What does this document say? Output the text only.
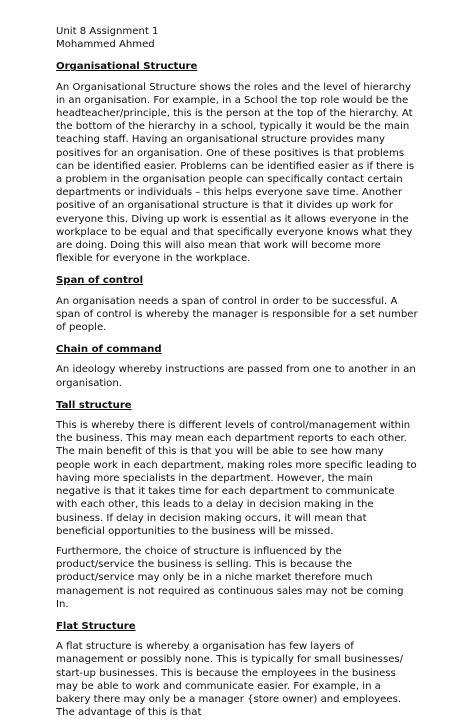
Unit 8 Assignment 1

Mohammed Ahmed

Organisational Structure

An Organisational Structure shows the roles and the level of hierarchy in an organisation. For example, in a School the top role would be the headteacher/principle, this is the person at the top of the hierarchy. At the bottom of the hierarchy in a school, typically it would be the main teaching staff. Having an organisational structure provides many positives for an organisation. One of these positives is that problems can be identified easier. Problems can be identified easier as if there is a problem in the organisation people can specifically contact certain departments or individuals – this helps everyone save time. Another positive of an organisational structure is that it divides up work for everyone this. Diving up work is essential as it allows everyone in the workplace to be equal and that specifically everyone knows what they are doing. Doing this will also mean that work will become more flexible for everyone in the workplace.

Span of control

An organisation needs a span of control in order to be successful. A span of control is whereby the manager is responsible for a set number of people.

Chain of command

An ideology whereby instructions are passed from one to another in an organisation.

Tall structure

This is whereby there is different levels of control/management within the business. This may mean each department reports to each other. The main benefit of this is that you will be able to see how many people work in each department, making roles more specific leading to having more specialists in the department. However, the main negative is that it takes time for each department to communicate with each other, this leads to a delay in decision making in the business. If delay in decision making occurs, it will mean that beneficial opportunities to the business will be missed.

Furthermore, the choice of structure is influenced by the product/service the business is selling. This is because the product/service may only be in a niche market therefore much management is not required as continuous sales may not be coming In.

Flat Structure

A flat structure is whereby a organisation has few layers of management or possibly none. This is typically for small businesses/ start-up businesses. This is because the employees in the business may be able to work and communicate easier. For example, in a bakery there may only be a manager {store owner) and employees. The advantage of this is that
